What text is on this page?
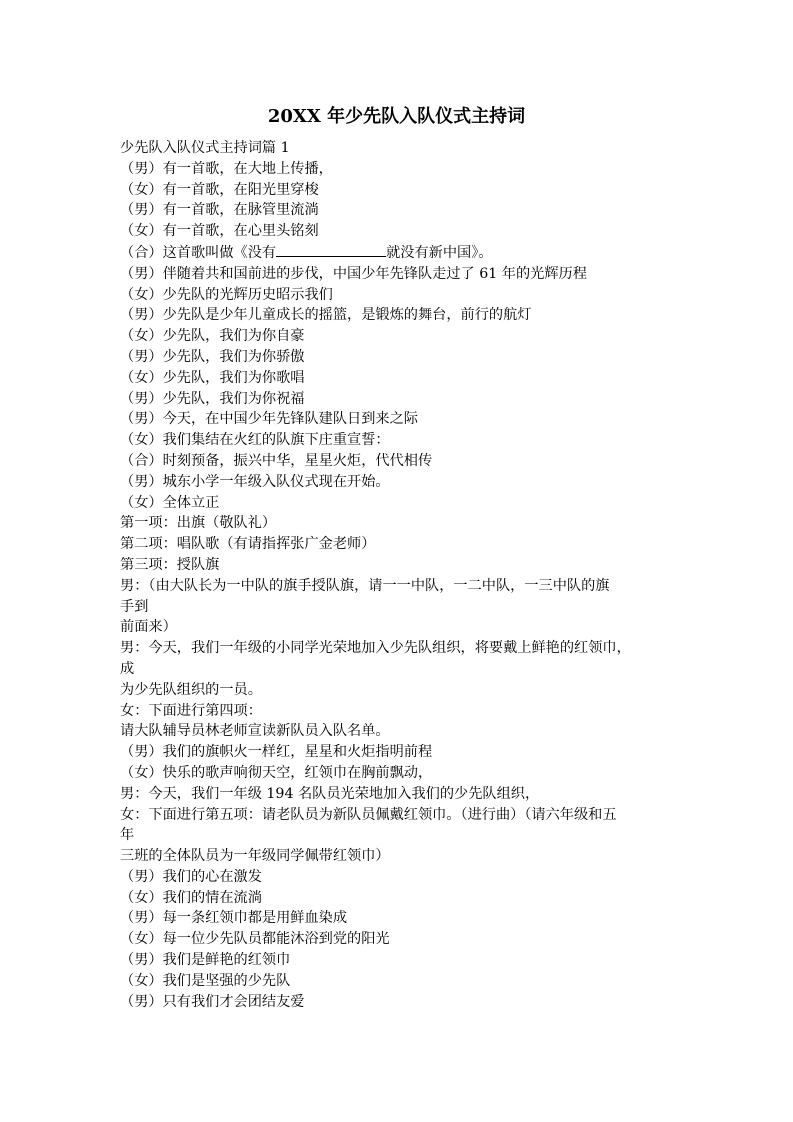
20XX 年少先队入队仪式主持词
少先队入队仪式主持词篇 1
（男）有一首歌，在大地上传播，
（女）有一首歌，在阳光里穿梭
（男）有一首歌，在脉管里流淌
（女）有一首歌，在心里头铭刻
（合）这首歌叫做《没有	就没有新中国》。
（男）伴随着共和国前进的步伐，中国少年先锋队走过了 61 年的光辉历程
（女）少先队的光辉历史昭示我们
（男）少先队是少年儿童成长的摇篮，是锻炼的舞台，前行的航灯
（女）少先队，我们为你自豪
（男）少先队，我们为你骄傲
（女）少先队，我们为你歌唱
（男）少先队，我们为你祝福
（男）今天，在中国少年先锋队建队日到来之际
（女）我们集结在火红的队旗下庄重宣誓：
（合）时刻预备，振兴中华，星星火炬，代代相传
（男）城东小学一年级入队仪式现在开始。
（女）全体立正
第一项：出旗（敬队礼）
第二项：唱队歌（有请指挥张广金老师）
第三项：授队旗
男：（由大队长为一中队的旗手授队旗，请一一中队，一二中队，一三中队的旗
手到
前面来）
男：今天，我们一年级的小同学光荣地加入少先队组织，将要戴上鲜艳的红领巾，
成
为少先队组织的一员。
女：下面进行第四项：
请大队辅导员林老师宣读新队员入队名单。
（男）我们的旗帜火一样红，星星和火炬指明前程
（女）快乐的歌声响彻天空，红领巾在胸前飘动，
男：今天，我们一年级 194 名队员光荣地加入我们的少先队组织，
女：下面进行第五项：请老队员为新队员佩戴红领巾。（进行曲）（请六年级和五
年
三班的全体队员为一年级同学佩带红领巾）
（男）我们的心在激发
（女）我们的情在流淌
（男）每一条红领巾都是用鲜血染成
（女）每一位少先队员都能沐浴到党的阳光
（男）我们是鲜艳的红领巾
（女）我们是坚强的少先队
（男）只有我们才会团结友爱
